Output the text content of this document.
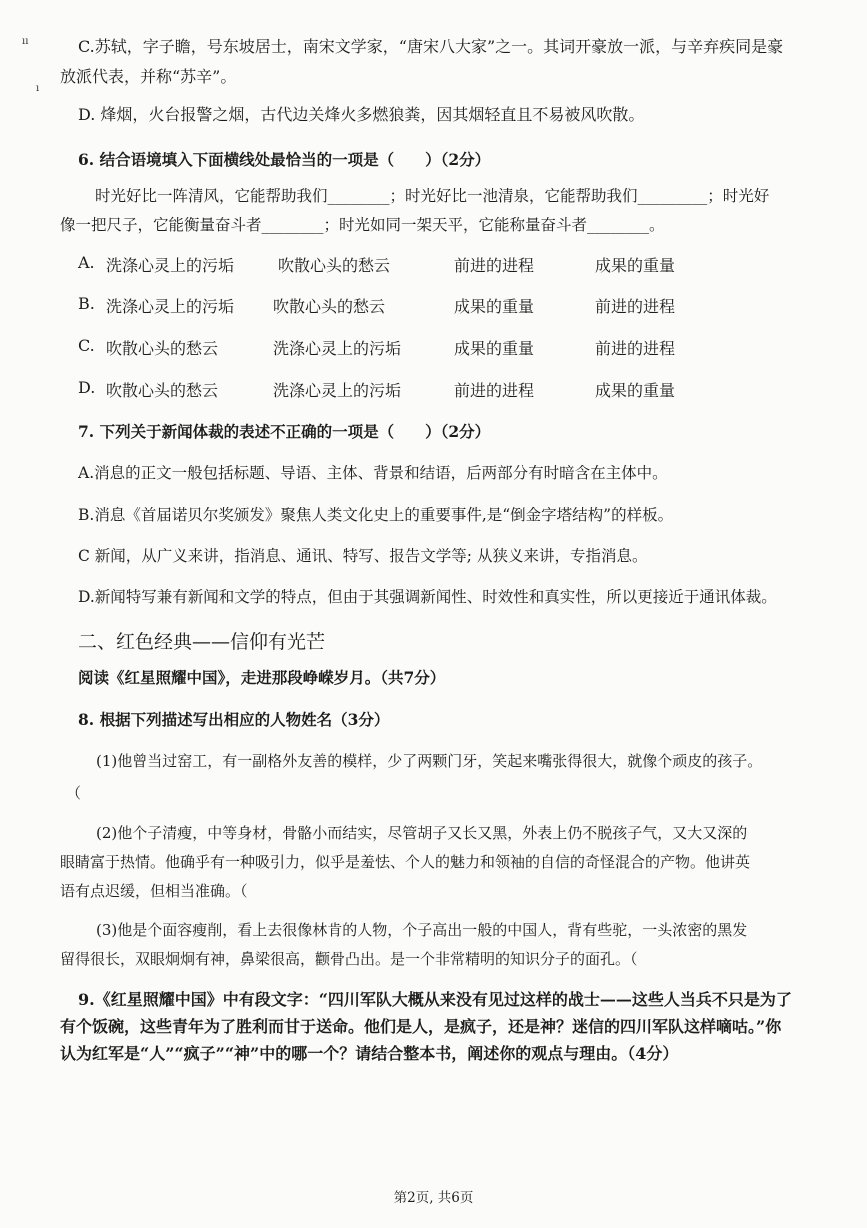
ıı
ı
C.苏轼，字子瞻，号东坡居士，南宋文学家，“唐宋八大家”之一。其词开豪放一派，与辛弃疾同是豪
放派代表，并称“苏辛”。
D. 烽烟，火台报警之烟，古代边关烽火多燃狼粪，因其烟轻直且不易被风吹散。
6. 结合语境填入下面横线处最恰当的一项是（　　）（2分）
时光好比一阵清风，它能帮助我们________；时光好比一池清泉，它能帮助我们_________；时光好
像一把尺子，它能衡量奋斗者________；时光如同一架天平，它能称量奋斗者________。
A. 洗涤心灵上的污垢	吹散心头的愁云	前进的进程	成果的重量
B. 洗涤心灵上的污垢 吹散心头的愁云	成果的重量	前进的进程
C. 吹散心头的愁云	洗涤心灵上的污垢	成果的重量	前进的进程
D. 吹散心头的愁云	洗涤心灵上的污垢	前进的进程	成果的重量
7. 下列关于新闻体裁的表述不正确的一项是（　　）（2分）
A.消息的正文一般包括标题、导语、主体、背景和结语，后两部分有时暗含在主体中。
B.消息《首届诺贝尔奖颁发》聚焦人类文化史上的重要事件,是“倒金字塔结构”的样板。
C 新闻，从广义来讲，指消息、通讯、特写、报告文学等; 从狭义来讲，专指消息。
D.新闻特写兼有新闻和文学的特点，但由于其强调新闻性、时效性和真实性，所以更接近于通讯体裁。
二、红色经典——信仰有光芒
阅读《红星照耀中国》，走进那段峥嵘岁月。（共7分）
8. 根据下列描述写出相应的人物姓名（3分）
(1)他曾当过窑工，有一副格外友善的模样，少了两颗门牙，笑起来嘴张得很大，就像个顽皮的孩子。
（
(2)他个子清瘦，中等身材，骨骼小而结实，尽管胡子又长又黑，外表上仍不脱孩子气，又大又深的
眼睛富于热情。他确乎有一种吸引力，似乎是羞怯、个人的魅力和领袖的自信的奇怪混合的产物。他讲英
语有点迟缓，但相当准确。（
(3)他是个面容瘦削，看上去很像林肯的人物，个子高出一般的中国人，背有些驼，一头浓密的黑发
留得很长，双眼炯炯有神，鼻梁很高，颧骨凸出。是一个非常精明的知识分子的面孔。（
9.《红星照耀中国》中有段文字：“四川军队大概从来没有见过这样的战士——这些人当兵不只是为了
有个饭碗，这些青年为了胜利而甘于送命。他们是人，是疯子，还是神？迷信的四川军队这样嘀咕。”你
认为红军是“人”“疯子”“神”中的哪一个？请结合整本书，阐述你的观点与理由。（4分）
第2页, 共6页
